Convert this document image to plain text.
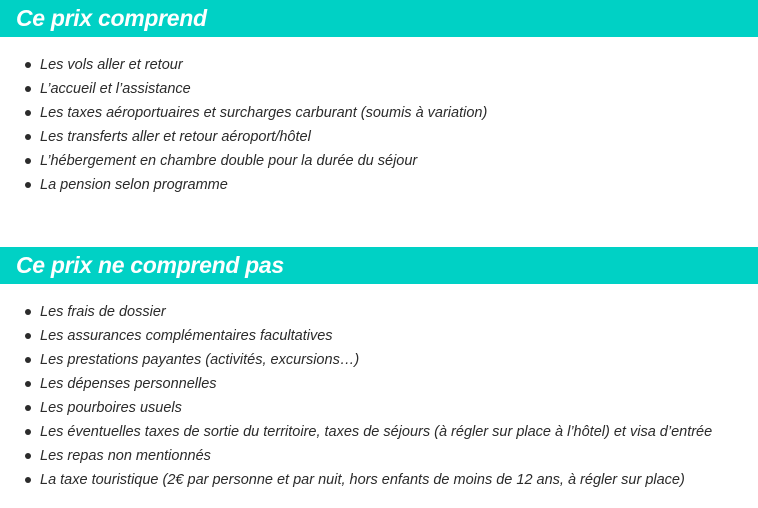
Ce prix comprend
Les vols aller et retour
L’accueil et l’assistance
Les taxes aéroportuaires et surcharges carburant (soumis à variation)
Les transferts aller et retour aéroport/hôtel
L’hébergement en chambre double pour la durée du séjour
La pension selon programme
Ce prix ne comprend pas
Les frais de dossier
Les assurances complémentaires facultatives
Les prestations payantes (activités, excursions…)
Les dépenses personnelles
Les pourboires usuels
Les éventuelles taxes de sortie du territoire, taxes de séjours (à régler sur place à l’hôtel) et visa d’entrée
Les repas non mentionnés
La taxe touristique (2€ par personne et par nuit, hors enfants de moins de 12 ans, à régler sur place)
